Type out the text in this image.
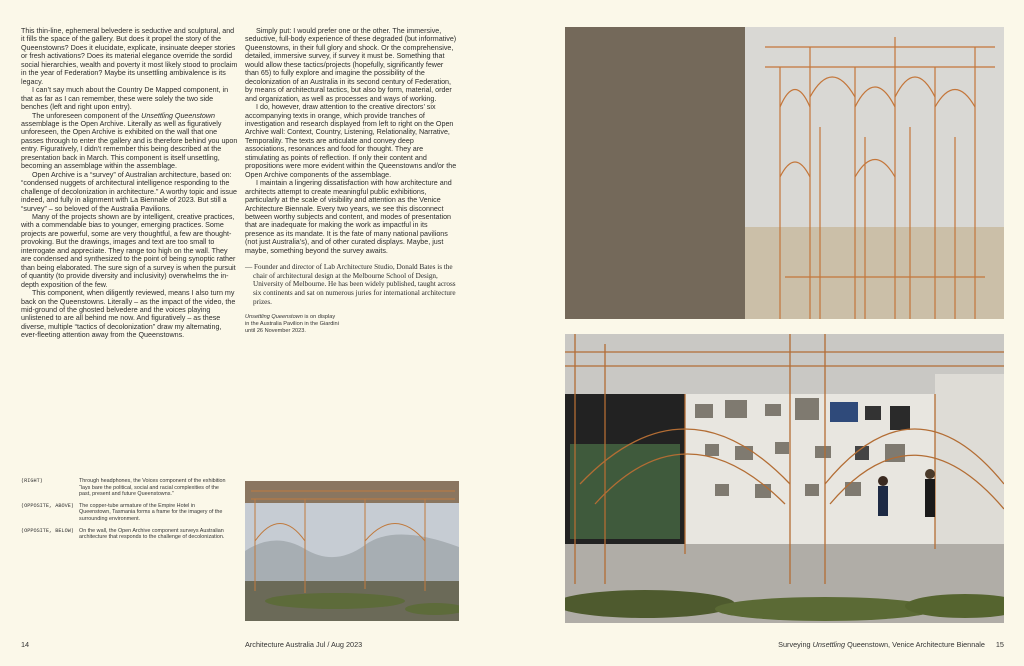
This thin-line, ephemeral belvedere is seductive and sculptural, and it fills the space of the gallery. But does it propel the story of the Queenstowns? Does it elucidate, explicate, insinuate deeper stories or fresh activations? Does its material elegance override the sordid social hierarchies, wealth and poverty it most likely stood to proclaim in the year of Federation? Maybe its unsettling ambivalence is its legacy.

I can’t say much about the Country De Mapped component, in that as far as I can remember, these were solely the two side benches (left and right upon entry).

The unforeseen component of the Unsettling Queenstown assemblage is the Open Archive. Literally as well as figuratively unforeseen, the Open Archive is exhibited on the wall that one passes through to enter the gallery and is therefore behind you upon entry. Figuratively, I didn’t remember this being described at the presentation back in March. This component is itself unsettling, becoming an assemblage within the assemblage.

Open Archive is a “survey” of Australian architecture, based on: “condensed nuggets of architectural intelligence responding to the challenge of decolonization in architecture.” A worthy topic and issue indeed, and fully in alignment with La Biennale of 2023. But still a “survey” – so beloved of the Australia Pavilions.

Many of the projects shown are by intelligent, creative practices, with a commendable bias to younger, emerging practices. Some projects are powerful, some are very thoughtful, a few are thought-provoking. But the drawings, images and text are too small to interrogate and appreciate. They range too high on the wall. They are condensed and synthesized to the point of being synoptic rather than being elaborated. The sure sign of a survey is when the pursuit of quantity (to provide diversity and inclusivity) overwhelms the in-depth exposition of the few.

This component, when diligently reviewed, means I also turn my back on the Queenstowns. Literally – as the impact of the video, the mid-ground of the ghosted belvedere and the voices playing unlistened to are all behind me now. And figuratively – as these diverse, multiple “tactics of decolonization” draw my alternating, ever-fleeting attention away from the Queenstowns.

Simply put: I would prefer one or the other. The immersive, seductive, full-body experience of these degraded (but informative) Queenstowns, in their full glory and shock. Or the comprehensive, detailed, immersive survey, if survey it must be. Something that would allow these tactics/projects (hopefully, significantly fewer than 65) to fully explore and imagine the possibility of the decolonization of an Australia in its second century of Federation, by means of architectural tactics, but also by form, material, order and organization, as well as processes and ways of working.

I do, however, draw attention to the creative directors’ six accompanying texts in orange, which provide tranches of investigation and research displayed from left to right on the Open Archive wall: Context, Country, Listening, Relationality, Narrative, Temporality. The texts are articulate and convey deep associations, resonances and food for thought. They are stimulating as points of reflection. If only their content and propositions were more evident within the Queenstowns and/or the Open Archive components of the assemblage.

I maintain a lingering dissatisfaction with how architecture and architects attempt to create meaningful public exhibitions, particularly at the scale of visibility and attention as the Venice Architecture Biennale. Every two years, we see this disconnect between worthy subjects and content, and modes of presentation that are inadequate for making the work as impactful in its presence as its mandate. It is the fate of many national pavilions (not just Australia’s), and of other curated displays. Maybe, just maybe, something beyond the survey awaits.

— Founder and director of Lab Architecture Studio, Donald Bates is the chair of architectural design at the Melbourne School of Design, University of Melbourne. He has been widely published, taught across six continents and sat on numerous juries for international architecture prizes.
Unsettling Queenstown is on display
in the Australia Pavilion in the Giardini
until 26 November 2023.
(RIGHT)	Through headphones, the Voices component of the exhibition “lays bare the political, social and racial complexities of the past, present and future Queenstowns.”
(OPPOSITE, ABOVE) The copper-tube armature of the Empire Hotel in Queenstown, Tasmania forms a frame for the imagery of the surrounding environment.
(OPPOSITE, BELOW) On the wall, the Open Archive component surveys Australian architecture that responds to the challenge of decolonization.
14	Architecture Australia Jul / Aug 2023	Surveying Unsettling Queenstown, Venice Architecture Biennale 15
